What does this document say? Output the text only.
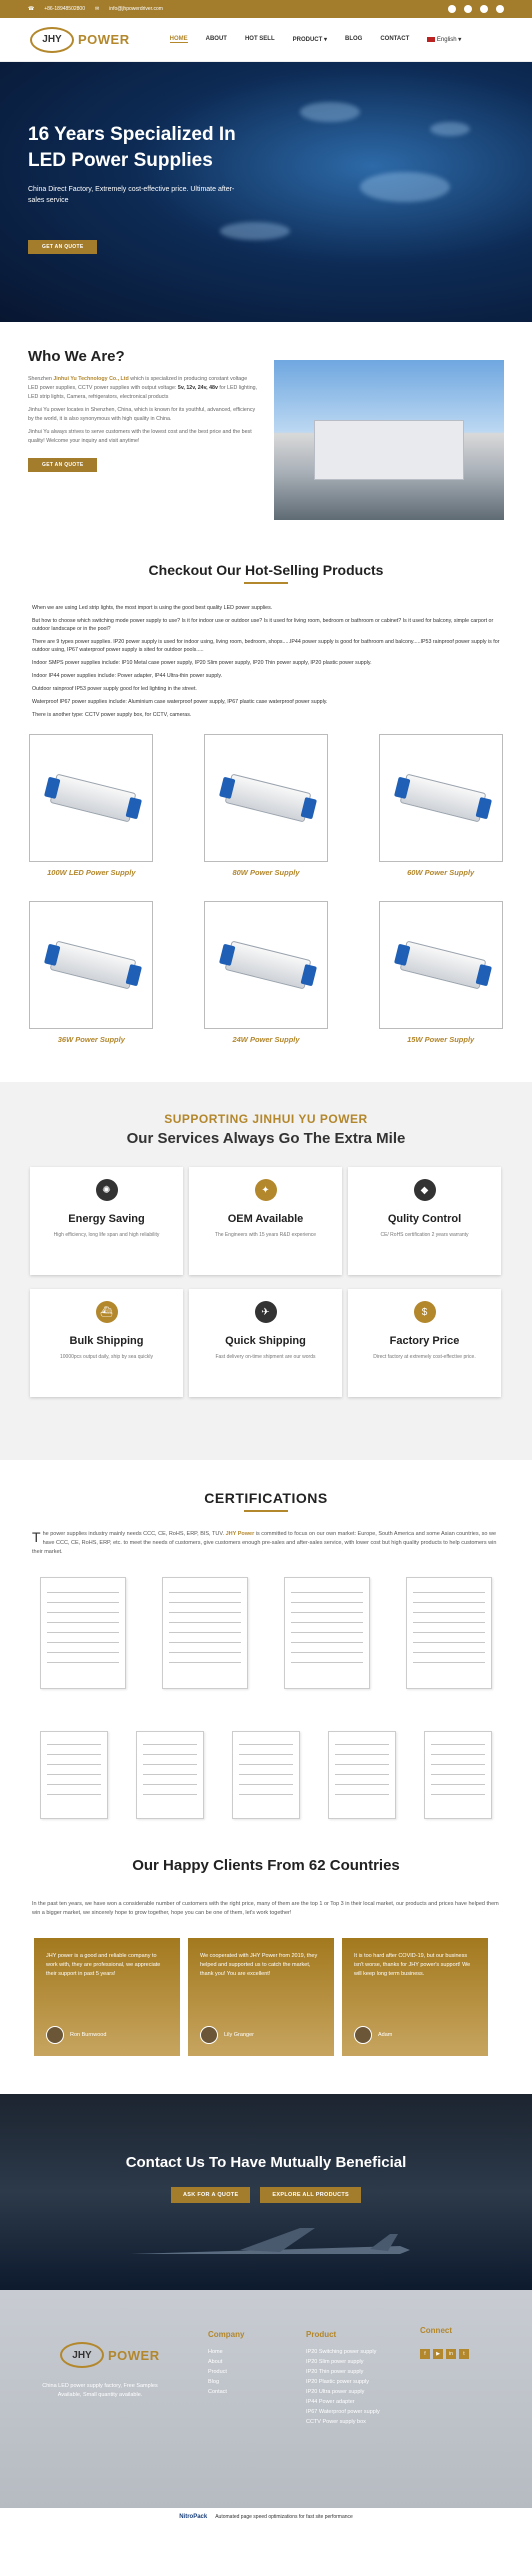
☎ +86-18948502800 ✉ info@jhpowerdriver.com
JHY	POWER	HOME	ABOUT	HOT SELL	PRODUCT ▾	BLOG	CONTACT	English ▾
16 Years Specialized In LED Power Supplies

China Direct Factory, Extremely cost-effective price. Ultimate after-sales service

GET AN QUOTE
Who We Are?

Shenzhen Jinhui Yu Technology Co., Ltd which is specialized in producing constant voltage LED power supplies, CCTV power supplies with output voltage: 5v, 12v, 24v, 48v for LED lighting, LED strip lights, Camera, refrigerators, electronical products

Jinhui Yu power locates in Shenzhen, China, which is known for its youthful, advanced, efficiency by the world, it is also synonymous with high quality in China.

Jinhui Yu always strives to serve customers with the lowest cost and the best price and the best quality! Welcome your inquiry and visit anytime!

GET AN QUOTE
Checkout Our Hot-Selling Products

When we are using Led strip lights, the most import is using the good best quality LED power supplies.

But how to choose which switching mode power supply to use? Is it for indoor use or outdoor use? Is it used for living room, bedroom or bathroom or cabinet? Is it used for balcony, simple carport or outdoor landscape or in the pool?

There are 9 types power supplies. IP20 power supply is used for indoor using, living room, bedroom, shops.....IP44 power supply is good for bathroom and balcony.....IP53 rainproof power supply is for outdoor using, IP67 waterproof power supply is sited for outdoor pools.....

Indoor SMPS power supplies include: IP10 Metal case power supply, IP20 Slim power supply, IP20 Thin power supply, IP20 plastic power supply.

Indoor IP44 power supplies include: Power adapter, IP44 Ultra-thin power supply.

Outdoor rainproof IP53 power supply good for led lighting in the street.

Waterproof IP67 power supplies include: Aluminium case waterproof power supply, IP67 plastic case waterproof power supply.

There is another type: CCTV power supply box, for CCTV, cameras.

100W LED Power Supply	80W Power Supply	60W Power Supply
36W Power Supply	24W Power Supply	15W Power Supply
SUPPORTING JINHUI YU POWER
Our Services Always Go The Extra Mile
✺
Energy Saving

High efficiency, long life span and high reliability

✦
OEM Available

The Engineers with 15 years R&D experience

◆
Qulity Control

CE/ RoHS certification 2 years warranty

⛴
Bulk Shipping

10000pcs output daily, ship by sea quickly

✈
Quick Shipping

Fast delivery on-time shipment are our words

$
Factory Price

Direct factory at extremely cost-effective price.

CERTIFICATIONS

The power supplies industry mainly needs CCC, CE, RoHS, ERP, BIS, TUV. JHY Power is committed to focus on our own market: Europe, South America and some Asian countries, so we have CCC, CE, RoHS, ERP, etc. to meet the needs of customers, give customers enough pre-sales and after-sales service, with lower cost but high quality products to help customers win their market.

Our Happy Clients From 62 Countries

In the past ten years, we have won a considerable number of customers with the right price, many of them are the top 1 or Top 3 in their local market, our products and prices have helped them win a bigger market, we sincerely hope to grow together, hope you can be one of them, let's work together!

JHY power is a good and reliable company to work with, they are professional, we appreciate their support in past 5 years!

Ron Burnwood

We cooperated with JHY Power from 2019, they helped and supported us to catch the market, thank you! You are excellent!

Lily Granger

It is too hard after COVID-19, but our business isn't worse, thanks for JHY power's support! We will keep long term business.

Adam
Contact Us To Have Mutually Beneficial
ASK FOR A QUOTE	EXPLORE ALL PRODUCTS
JHY	POWER
China LED power supply factory, Free Samples Available, Small quantity available.
Company
Home
About
Product
Blog
Contact
Product
IP20 Switching power supply
IP20 Slim power supply
IP20 Thin power supply
IP20 Plastic power supply
IP20 Ultra power supply
IP44 Power adapter
IP67 Waterproof power supply
CCTV Power supply box
Connect
f	▶	in	t
NitroPack Automated page speed optimizations for fast site performance
